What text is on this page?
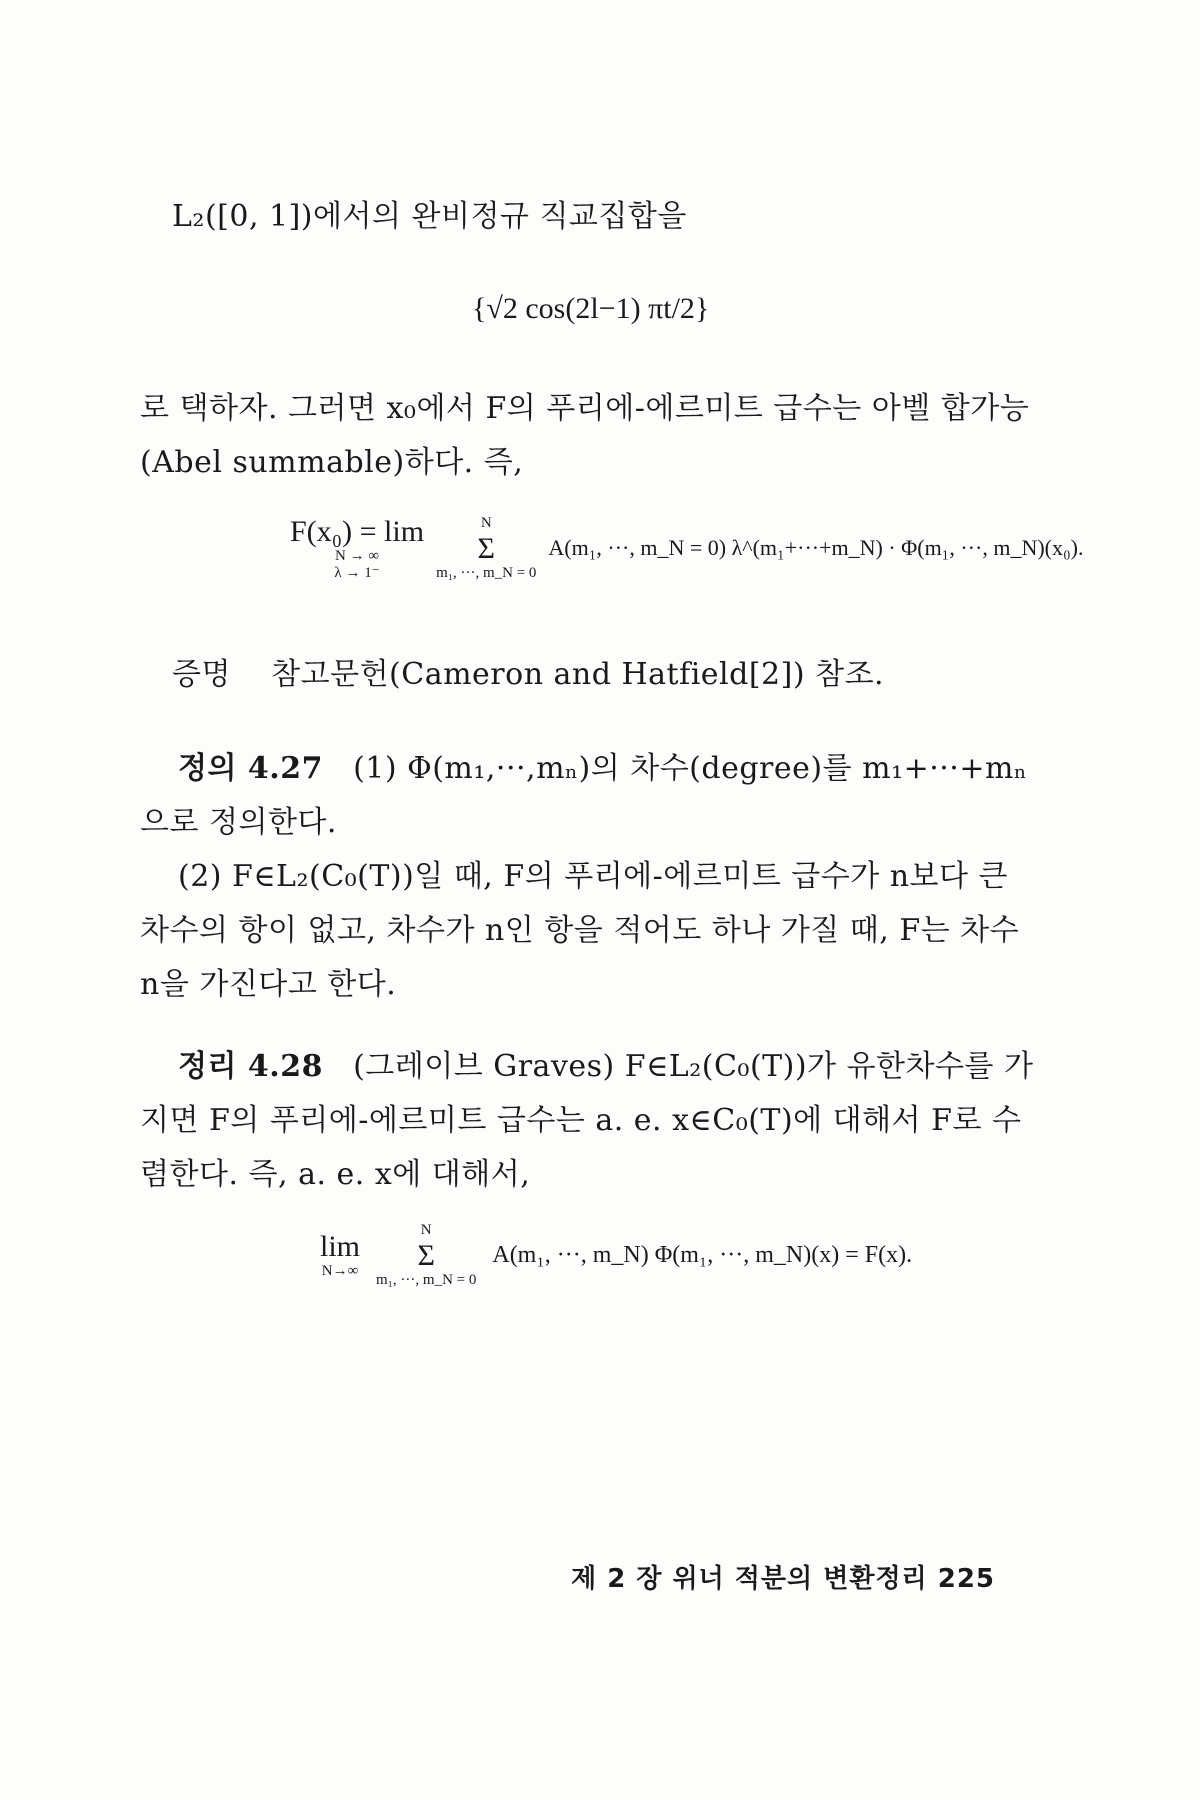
L₂([0, 1])에서의 완비정규 직교집합을
{√2 cos(2l−1) πt/2}
로 택하자. 그러면 x₀에서 F의 푸리에-에르미트 급수는 아벨 합가능(Abel summable)하다. 즉,
F(x₀) = lim
N → ∞
λ → 1⁻
N
Σ
m₁, ···, m_N = 0
A(m₁, ···, m_N = 0) λ^(m₁+···+m_N) · Φ(m₁, ···, m_N)(x₀).
증명 참고문헌(Cameron and Hatfield[2]) 참조.
정의 4.27 (1) Φ(m₁,···,mₙ)의 차수(degree)를 m₁+···+mₙ으로 정의한다.
(2) F∈L₂(C₀(T))일 때, F의 푸리에-에르미트 급수가 n보다 큰 차수의 항이 없고, 차수가 n인 항을 적어도 하나 가질 때, F는 차수 n을 가진다고 한다.
정리 4.28 (그레이브 Graves) F∈L₂(C₀(T))가 유한차수를 가지면 F의 푸리에-에르미트 급수는 a. e. x∈C₀(T)에 대해서 F로 수렴한다. 즉, a. e. x에 대해서,
lim
N→∞
N
Σ
m₁, ···, m_N = 0
A(m₁, ···, m_N) Φ(m₁, ···, m_N)(x) = F(x).
제 2 장 위너 적분의 변환정리 225
